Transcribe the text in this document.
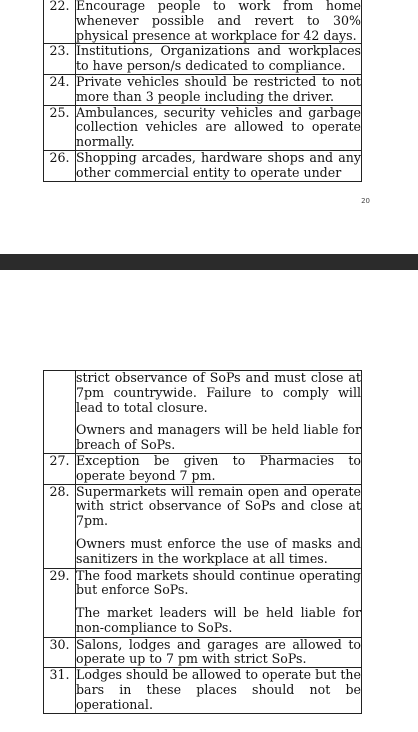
22.	Encourage people to work from home whenever possible and revert to 30% physical presence at workplace for 42 days.

23.	Institutions, Organizations and workplaces to have person/s dedicated to compliance.

24.	Private vehicles should be restricted to not more than 3 people including the driver.

25.	Ambulances, security vehicles and garbage collection vehicles are allowed to operate normally.

26.	Shopping arcades, hardware shops and any other commercial entity to operate under

20

	strict observance of SoPs and must close at 7pm countrywide. Failure to comply will lead to total closure.

Owners and managers will be held liable for breach of SoPs.

27.	Exception be given to Pharmacies to operate beyond 7 pm.

28.	Supermarkets will remain open and operate with strict observance of SoPs and close at 7pm.

Owners must enforce the use of masks and sanitizers in the workplace at all times.

29.	The food markets should continue operating but enforce SoPs.

The market leaders will be held liable for non-compliance to SoPs.

30.	Salons, lodges and garages are allowed to operate up to 7 pm with strict SoPs.

31.	Lodges should be allowed to operate but the bars in these places should not be operational.
